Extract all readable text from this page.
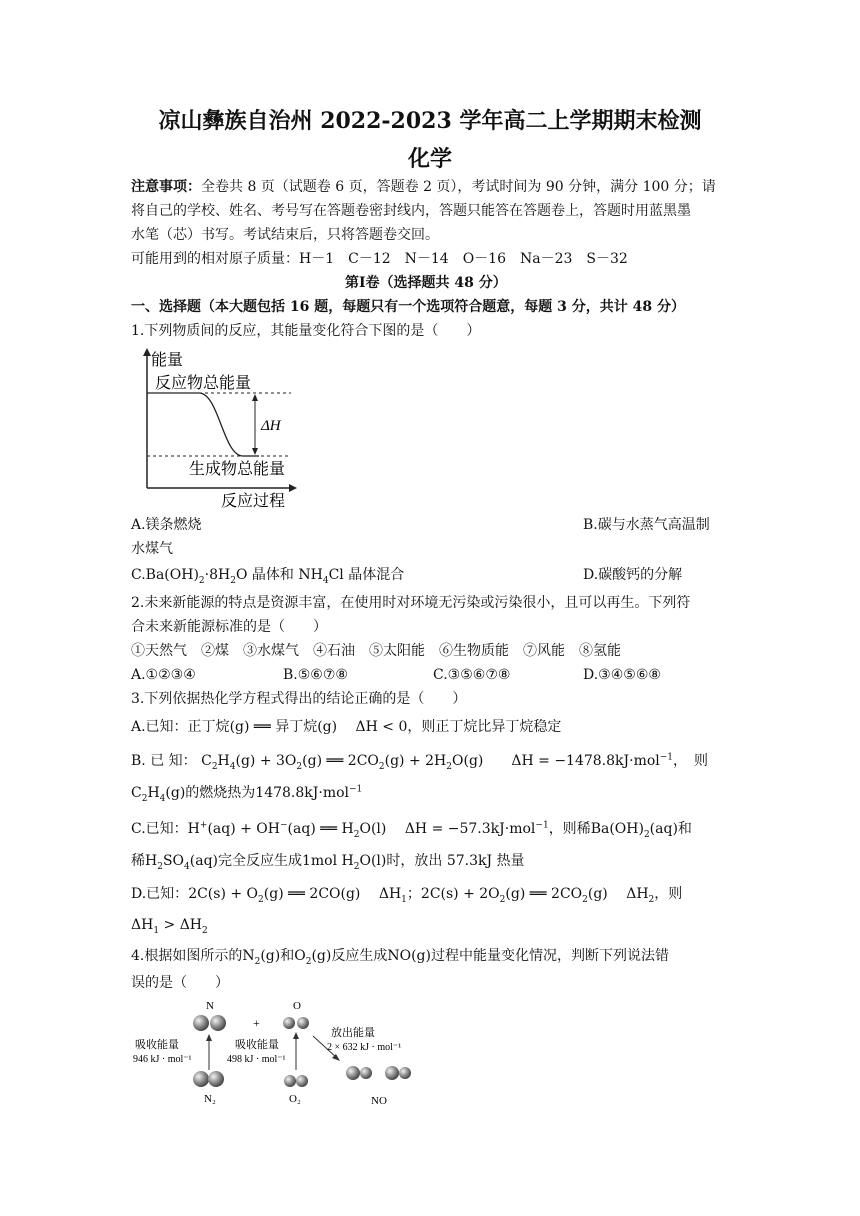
凉山彝族自治州 2022-2023 学年高二上学期期末检测
化学
注意事项：全卷共 8 页（试题卷 6 页，答题卷 2 页），考试时间为 90 分钟，满分 100 分；请
将自己的学校、姓名、考号写在答题卷密封线内，答题只能答在答题卷上，答题时用蓝黑墨
水笔（芯）书写。考试结束后，只将答题卷交回。
可能用到的相对原子质量：H－1　C－12　N－14　O－16　Na－23　S－32
第Ⅰ卷（选择题共 48 分）
一、选择题（本大题包括 16 题，每题只有一个选项符合题意，每题 3 分，共计 48 分）
1.下列物质间的反应，其能量变化符合下图的是（　　）
能量
反应物总能量
ΔH
生成物总能量
反应过程
A.镁条燃烧	B.碳与水蒸气高温制
水煤气
$C.Ba(OH)_2\cdot 8H_2O$ 晶体和 $NH_4Cl$ 晶体混合	D.碳酸钙的分解
2.未来新能源的特点是资源丰富，在使用时对环境无污染或污染很小，且可以再生。下列符
合未来新能源标准的是（　　）
①天然气　②煤　③水煤气　④石油　⑤太阳能　⑥生物质能　⑦风能　⑧氢能
A.①②③④	B.⑤⑥⑦⑧	C.③⑤⑥⑦⑧	D.③④⑤⑥⑧
3.下列依据热化学方程式得出的结论正确的是（　　）
A.已知：正丁烷(g) ══ 异丁烷(g)　 ΔH < 0，则正丁烷比异丁烷稳定
B. 已 知： $C_2H_4(g) + 3O_2(g)$ ══ $2CO_2(g) + 2H_2O(g)$　　ΔH = −1478.8kJ·mol$^{-1}$，　则
$C_2H_4(g)$的燃烧热为1478.8kJ·mol$^{-1}$
C.已知：H+(aq) + OH−(aq) ══ $H_2O(l)$　 ΔH = −57.3kJ·mol$^{-1}$，则稀$Ba(OH)_2(aq)$和
稀$H_2SO_4(aq)$完全反应生成1mol $H_2O(l)$时，放出 57.3kJ 热量
D.已知：$2C(s) + O_2(g)$ ══ 2CO(g)　 $\Delta H_1$；$2C(s) + 2O_2(g)$ ══ $2CO_2(g)$　 $\Delta H_2$，则
$\Delta H_1 > \Delta H_2$
4.根据如图所示的$N_2(g)$和$O_2(g)$反应生成NO(g)过程中能量变化情况，判断下列说法错
误的是（　　）
N
+
O
吸收能量
946 kJ · mol⁻¹
吸收能量
498 kJ · mol⁻¹
放出能量
2 × 632 kJ · mol⁻¹
N₂	O₂	NO
